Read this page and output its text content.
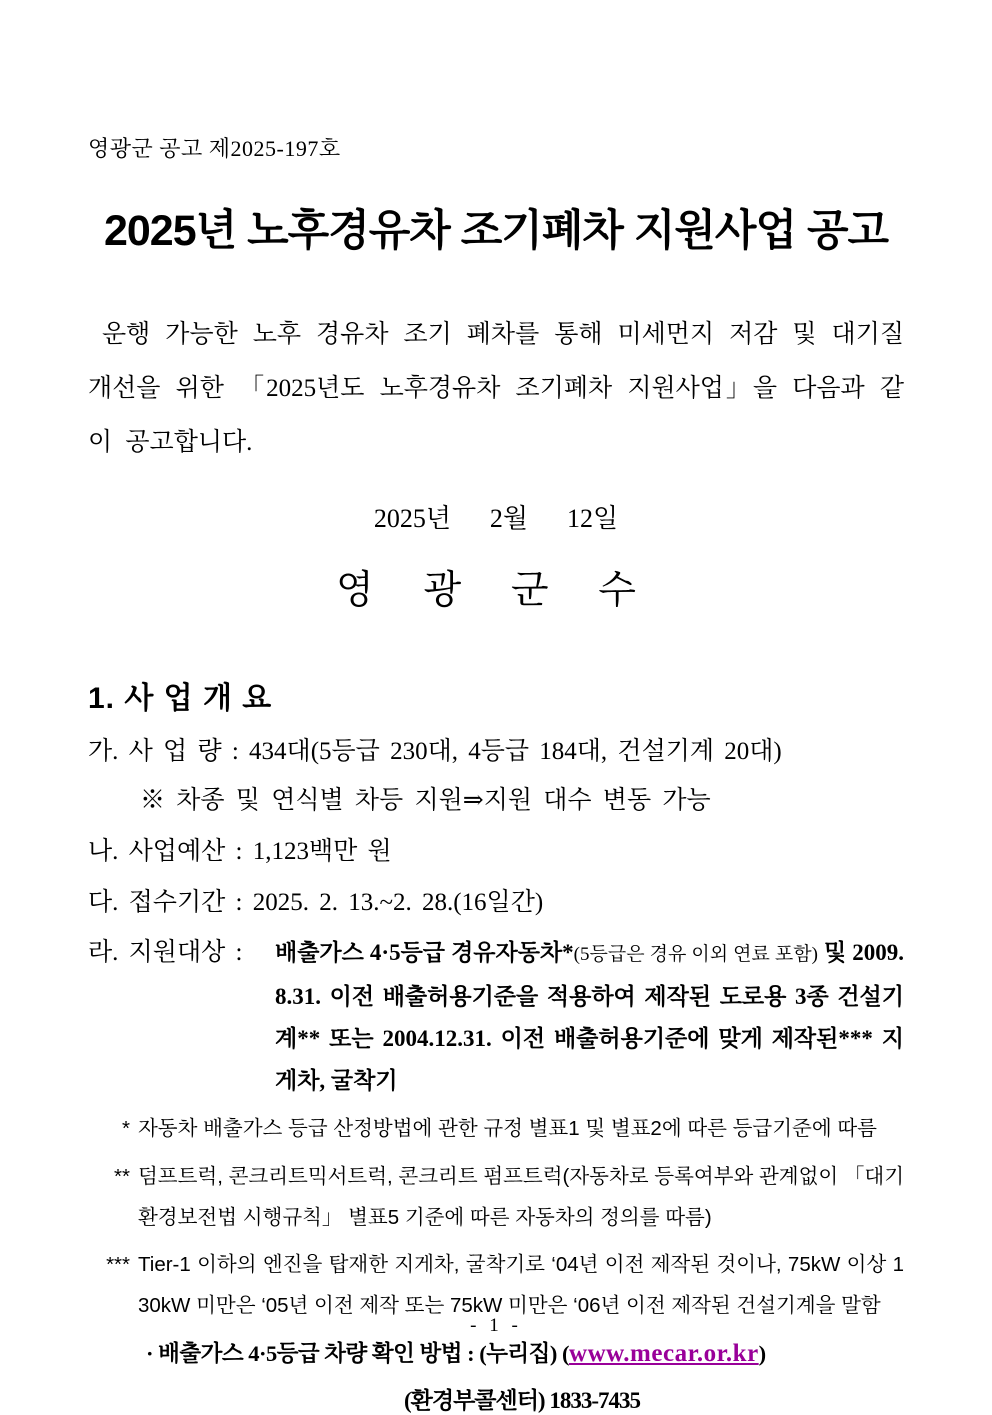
영광군 공고 제2025-197호
2025년 노후경유차 조기폐차 지원사업 공고

운행 가능한 노후 경유차 조기 폐차를 통해 미세먼지 저감 및 대기질 개선을 위한 「2025년도 노후경유차 조기폐차 지원사업」을 다음과 같이 공고합니다.

2025년      2월      12일
영 광 군 수
1. 사 업 개 요
가. 사 업 량 : 434대(5등급 230대, 4등급 184대, 건설기계 20대)
※ 차종 및 연식별 차등 지원⇒지원 대수 변동 가능
나. 사업예산 : 1,123백만 원
다. 접수기간 : 2025. 2. 13.~2. 28.(16일간)
라. 지원대상 :	배출가스 4·5등급 경유자동차*(5등급은 경유 이외 연료 포함) 및 2009.8.31. 이전 배출허용기준을 적용하여 제작된 도로용 3종 건설기계** 또는 2004.12.31. 이전 배출허용기준에 맞게 제작된*** 지게차, 굴착기
* 자동차 배출가스 등급 산정방법에 관한 규정 별표1 및 별표2에 따른 등급기준에 따름
** 덤프트럭, 콘크리트믹서트럭, 콘크리트 펌프트럭(자동차로 등록여부와 관계없이 「대기환경보전법 시행규칙」 별표5 기준에 따른 자동차의 정의를 따름)
*** Tier-1 이하의 엔진을 탑재한 지게차, 굴착기로 ‘04년 이전 제작된 것이나, 75kW 이상 130kW 미만은 ‘05년 이전 제작 또는 75kW 미만은 ‘06년 이전 제작된 건설기계을 말함
· 배출가스 4·5등급 차량 확인 방법 : (누리집) (www.mecar.or.kr)
(환경부콜센터) 1833-7435
- 1 -
